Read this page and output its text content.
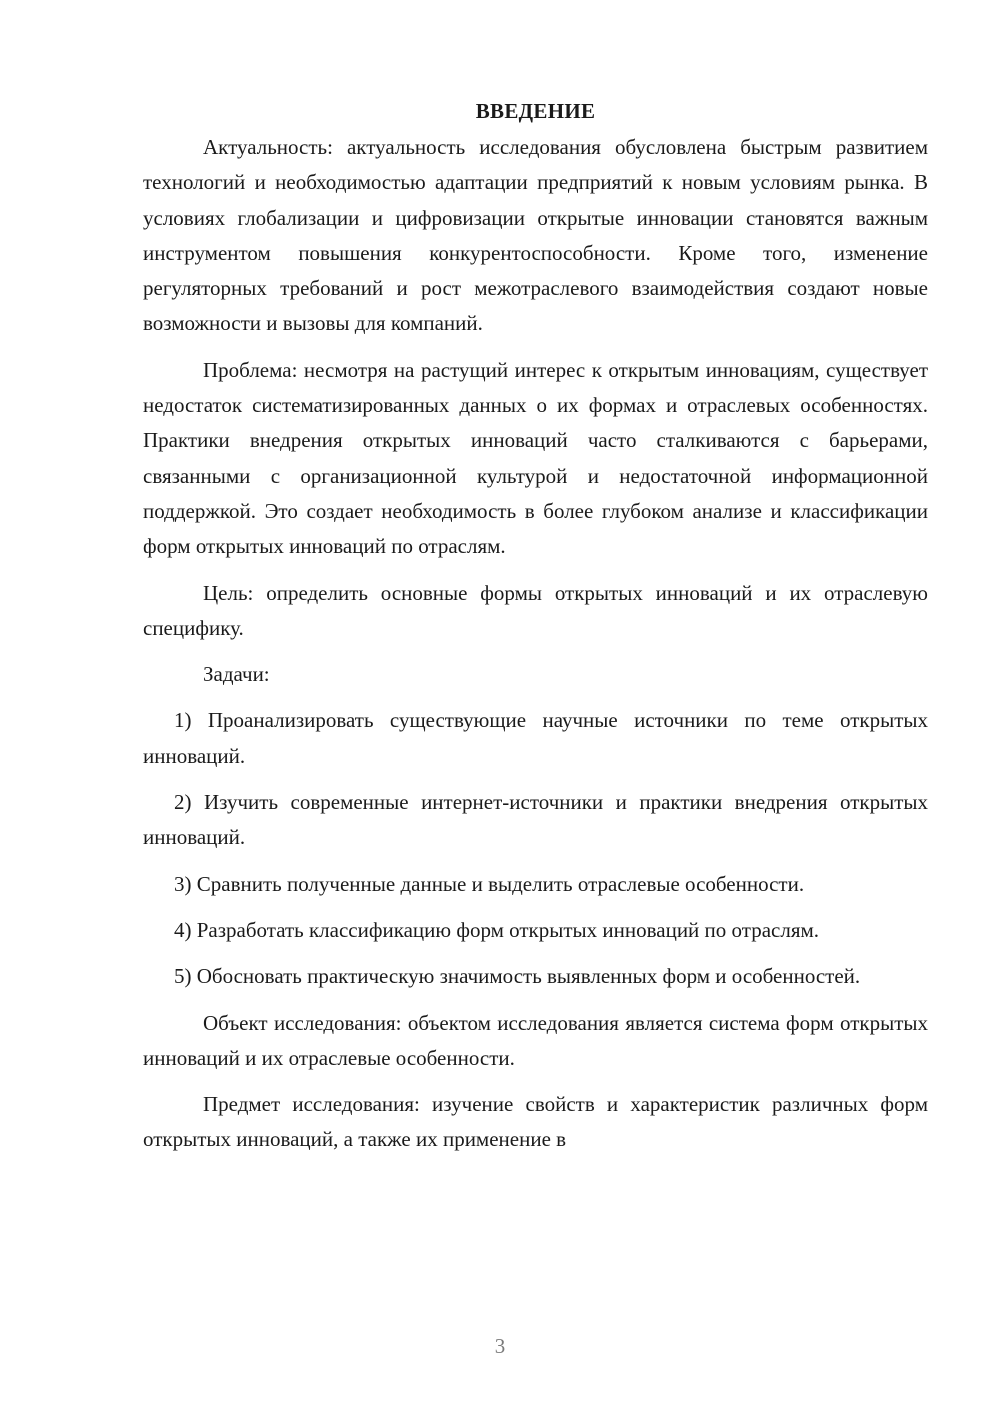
ВВЕДЕНИЕ

Актуальность: актуальность исследования обусловлена быстрым развитием технологий и необходимостью адаптации предприятий к новым условиям рынка. В условиях глобализации и цифровизации открытые инновации становятся важным инструментом повышения конкурентоспособности. Кроме того, изменение регуляторных требований и рост межотраслевого взаимодействия создают новые возможности и вызовы для компаний.

Проблема: несмотря на растущий интерес к открытым инновациям, существует недостаток систематизированных данных о их формах и отраслевых особенностях. Практики внедрения открытых инноваций часто сталкиваются с барьерами, связанными с организационной культурой и недостаточной информационной поддержкой. Это создает необходимость в более глубоком анализе и классификации форм открытых инноваций по отраслям.

Цель: определить основные формы открытых инноваций и их отраслевую специфику.

Задачи:

1) Проанализировать существующие научные источники по теме открытых инноваций.

2) Изучить современные интернет-источники и практики внедрения открытых инноваций.

3) Сравнить полученные данные и выделить отраслевые особенности.

4) Разработать классификацию форм открытых инноваций по отраслям.

5) Обосновать практическую значимость выявленных форм и особенностей.

Объект исследования: объектом исследования является система форм открытых инноваций и их отраслевые особенности.

Предмет исследования: изучение свойств и характеристик различных форм открытых инноваций, а также их применение в

3
